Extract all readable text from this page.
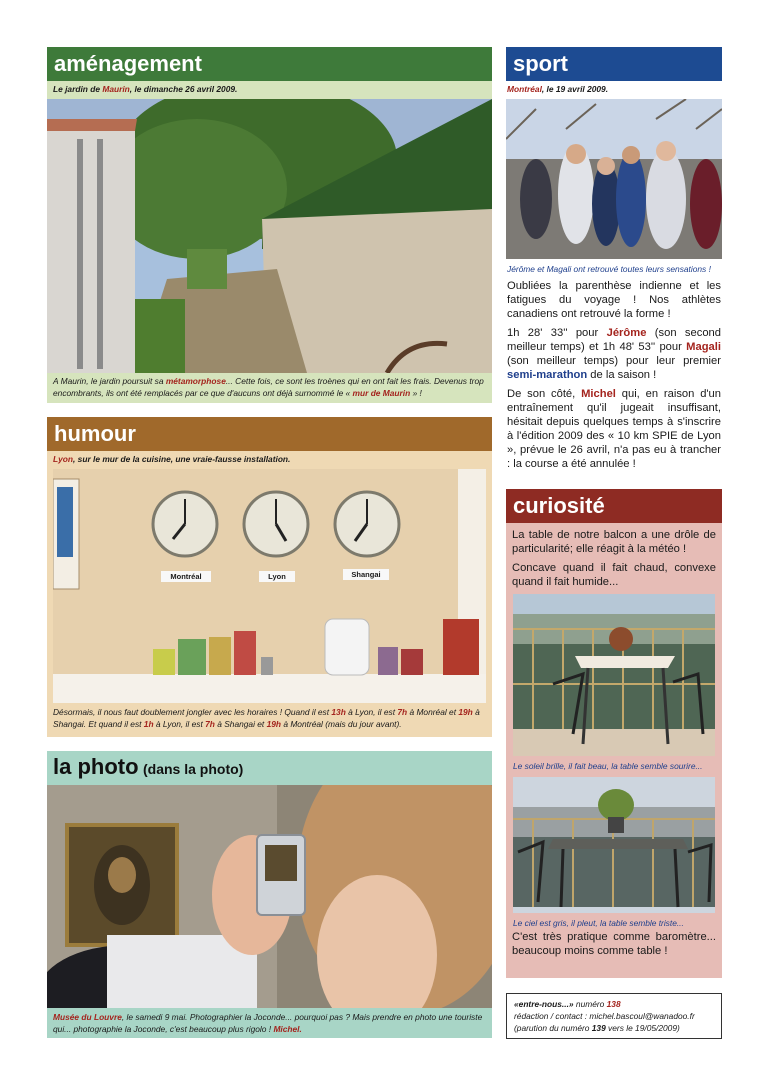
aménagement
Le jardin de Maurin, le dimanche 26 avril 2009.
A Maurin, le jardin poursuit sa métamorphose... Cette fois, ce sont les troènes qui en ont fait les frais. Devenus trop encombrants, ils ont été remplacés par ce que d'aucuns ont déjà surnommé le « mur de Maurin » !
sport
Montréal, le 19 avril 2009.
Jérôme et Magali ont retrouvé toutes leurs sensations !

Oubliées la parenthèse indienne et les fatigues du voyage ! Nos athlètes canadiens ont retrouvé la forme !

1h 28' 33'' pour Jérôme (son second meilleur temps) et 1h 48' 53'' pour Magali (son meilleur temps) pour leur premier semi-marathon de la saison !

De son côté, Michel qui, en raison d'un entraînement qu'il jugeait insuffisant, hésitait depuis quelques temps à s'inscrire à l'édition 2009 des « 10 km SPIE de Lyon », prévue le 26 avril, n'a pas eu à trancher : la course a été annulée !

humour
Lyon, sur le mur de la cuisine, une vraie-fausse installation.
Montréal	Lyon	Shangai
Désormais, il nous faut doublement jongler avec les horaires ! Quand il est 13h à Lyon, il est 7h à Monréal et 19h à Shangai. Et quand il est 1h à Lyon, il est 7h à Shangai et 19h à Montréal (mais du jour avant).
curiosité

La table de notre balcon a une drôle de particularité; elle réagit à la météo !

Concave quand il fait chaud, convexe quand il fait humide...

Le soleil brille, il fait beau, la table semble sourire...
Le ciel est gris, il pleut, la table semble triste...
C'est très pratique comme baromètre... beaucoup moins comme table !
la photo (dans la photo)
Musée du Louvre, le samedi 9 mai. Photographier la Joconde... pourquoi pas ? Mais prendre en photo une touriste qui... photographie la Joconde, c'est beaucoup plus rigolo ! Michel.
«entre-nous...» numéro 138
rédaction / contact : michel.bascoul@wanadoo.fr
(parution du numéro 139 vers le 19/05/2009)
